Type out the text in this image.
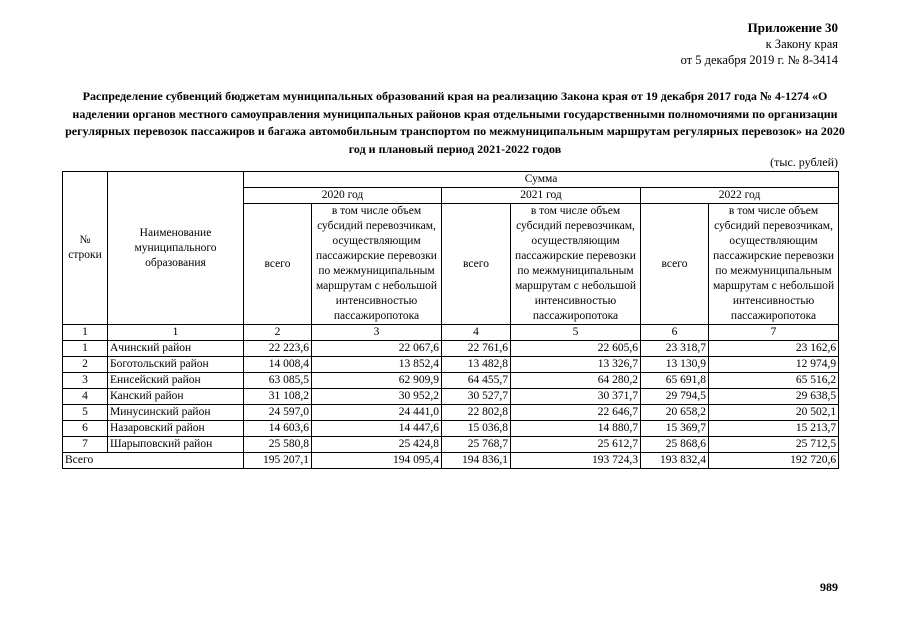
Приложение 30
к Закону края
от 5 декабря 2019 г. № 8-3414
Распределение субвенций бюджетам муниципальных образований края на реализацию Закона края от 19 декабря 2017 года № 4-1274 «О наделении органов местного самоуправления муниципальных районов края отдельными государственными полномочиями по организации регулярных перевозок пассажиров и багажа автомобильным транспортом по межмуниципальным маршрутам регулярных перевозок» на 2020 год и плановый период 2021-2022 годов
(тыс. рублей)
№ строки	Наименование муниципального образования	Сумма					
		2020 год		2021 год		2022 год	
		всего	в том числе объем субсидий перевозчикам, осуществляющим пассажирские перевозки по межмуниципальным маршрутам с небольшой интенсивностью пассажиропотока	всего	в том числе объем субсидий перевозчикам, осуществляющим пассажирские перевозки по межмуниципальным маршрутам с небольшой интенсивностью пассажиропотока	всего	в том числе объем субсидий перевозчикам, осуществляющим пассажирские перевозки по межмуниципальным маршрутам с небольшой интенсивностью пассажиропотока
1	1	2	3	4	5	6	7
1	Ачинский район	22 223,6	22 067,6	22 761,6	22 605,6	23 318,7	23 162,6
2	Боготольский район	14 008,4	13 852,4	13 482,8	13 326,7	13 130,9	12 974,9
3	Енисейский район	63 085,5	62 909,9	64 455,7	64 280,2	65 691,8	65 516,2
4	Канский район	31 108,2	30 952,2	30 527,7	30 371,7	29 794,5	29 638,5
5	Минусинский район	24 597,0	24 441,0	22 802,8	22 646,7	20 658,2	20 502,1
6	Назаровский район	14 603,6	14 447,6	15 036,8	14 880,7	15 369,7	15 213,7
7	Шарыповский район	25 580,8	25 424,8	25 768,7	25 612,7	25 868,6	25 712,5
Всего		195 207,1	194 095,4	194 836,1	193 724,3	193 832,4	192 720,6
989
